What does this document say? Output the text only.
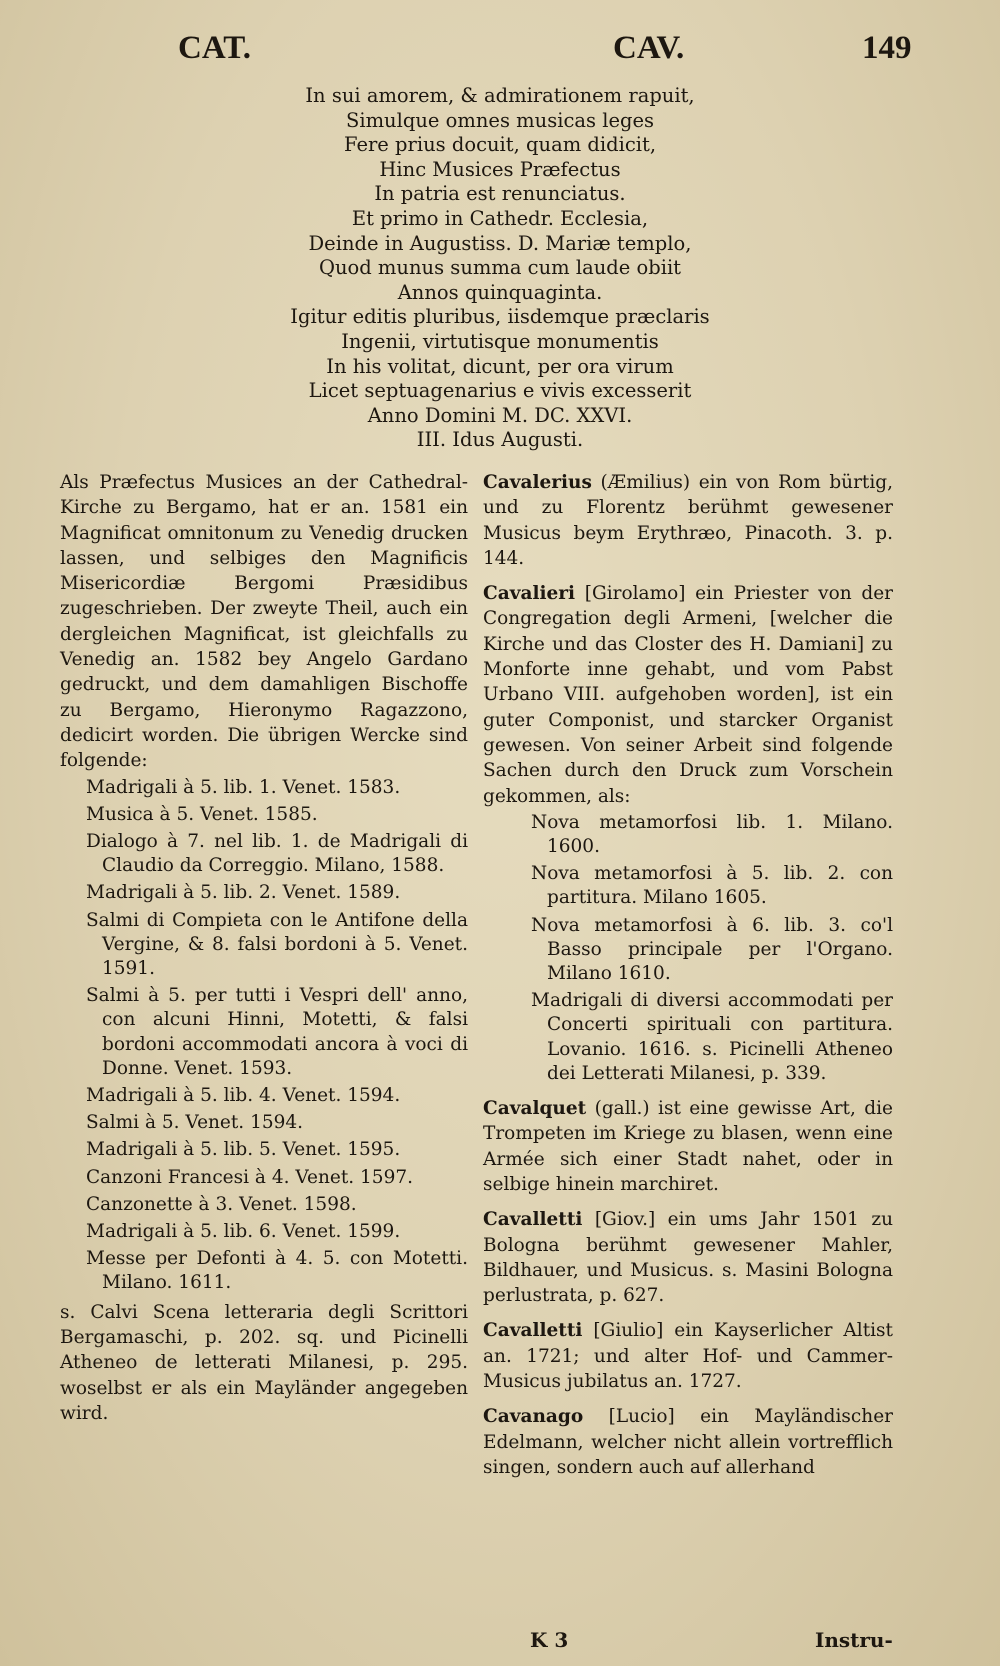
CAT.	CAV.	149
In sui amorem, & admirationem rapuit,
Simulque omnes musicas leges
Fere prius docuit, quam didicit,
Hinc Musices Præfectus
In patria est renunciatus.
Et primo in Cathedr. Ecclesia,
Deinde in Augustiss. D. Mariæ templo,
Quod munus summa cum laude obiit
Annos quinquaginta.
Igitur editis pluribus, iisdemque præclaris
Ingenii, virtutisque monumentis
In his volitat, dicunt, per ora virum
Licet septuagenarius e vivis excesserit
Anno Domini M. DC. XXVI.
III. Idus Augusti.
Als Præfectus Musices an der Cathedral-Kirche zu Bergamo, hat er an. 1581 ein Magnificat omnitonum zu Venedig drucken lassen, und selbiges den Magnificis Misericordiæ Bergomi Præsidibus zugeschrieben. Der zweyte Theil, auch ein dergleichen Magnificat, ist gleichfalls zu Venedig an. 1582 bey Angelo Gardano gedruckt, und dem damahligen Bischoffe zu Bergamo, Hieronymo Ragazzono, dedicirt worden. Die übrigen Wercke sind folgende:
Madrigali à 5. lib. 1. Venet. 1583.
Musica à 5. Venet. 1585.
Dialogo à 7. nel lib. 1. de Madrigali di Claudio da Correggio. Milano, 1588.
Madrigali à 5. lib. 2. Venet. 1589.
Salmi di Compieta con le Antifone della Vergine, & 8. falsi bordoni à 5. Venet. 1591.
Salmi à 5. per tutti i Vespri dell' anno, con alcuni Hinni, Motetti, & falsi bordoni accommodati ancora à voci di Donne. Venet. 1593.
Madrigali à 5. lib. 4. Venet. 1594.
Salmi à 5. Venet. 1594.
Madrigali à 5. lib. 5. Venet. 1595.
Canzoni Francesi à 4. Venet. 1597.
Canzonette à 3. Venet. 1598.
Madrigali à 5. lib. 6. Venet. 1599.
Messe per Defonti à 4. 5. con Motetti. Milano. 1611.
s. Calvi Scena letteraria degli Scrittori Bergamaschi, p. 202. sq. und Picinelli Atheneo de letterati Milanesi, p. 295. woselbst er als ein Mayländer angegeben wird.
Cavalerius (Æmilius) ein von Rom bürtig, und zu Florentz berühmt gewesener Musicus beym Erythræo, Pinacoth. 3. p. 144.
Cavalieri [Girolamo] ein Priester von der Congregation degli Armeni, [welcher die Kirche und das Closter des H. Damiani] zu Monforte inne gehabt, und vom Pabst Urbano VIII. aufgehoben worden], ist ein guter Componist, und starcker Organist gewesen. Von seiner Arbeit sind folgende Sachen durch den Druck zum Vorschein gekommen, als:
Nova metamorfosi lib. 1. Milano. 1600.
Nova metamorfosi à 5. lib. 2. con partitura. Milano 1605.
Nova metamorfosi à 6. lib. 3. co'l Basso principale per l'Organo. Milano 1610.
Madrigali di diversi accommodati per Concerti spirituali con partitura. Lovanio. 1616. s. Picinelli Atheneo dei Letterati Milanesi, p. 339.
Cavalquet (gall.) ist eine gewisse Art, die Trompeten im Kriege zu blasen, wenn eine Armée sich einer Stadt nahet, oder in selbige hinein marchiret.
Cavalletti [Giov.] ein ums Jahr 1501 zu Bologna berühmt gewesener Mahler, Bildhauer, und Musicus. s. Masini Bologna perlustrata, p. 627.
Cavalletti [Giulio] ein Kayserlicher Altist an. 1721; und alter Hof- und Cammer-Musicus jubilatus an. 1727.
Cavanago [Lucio] ein Mayländischer Edelmann, welcher nicht allein vortrefflich singen, sondern auch auf allerhand
K 3	Instru-
